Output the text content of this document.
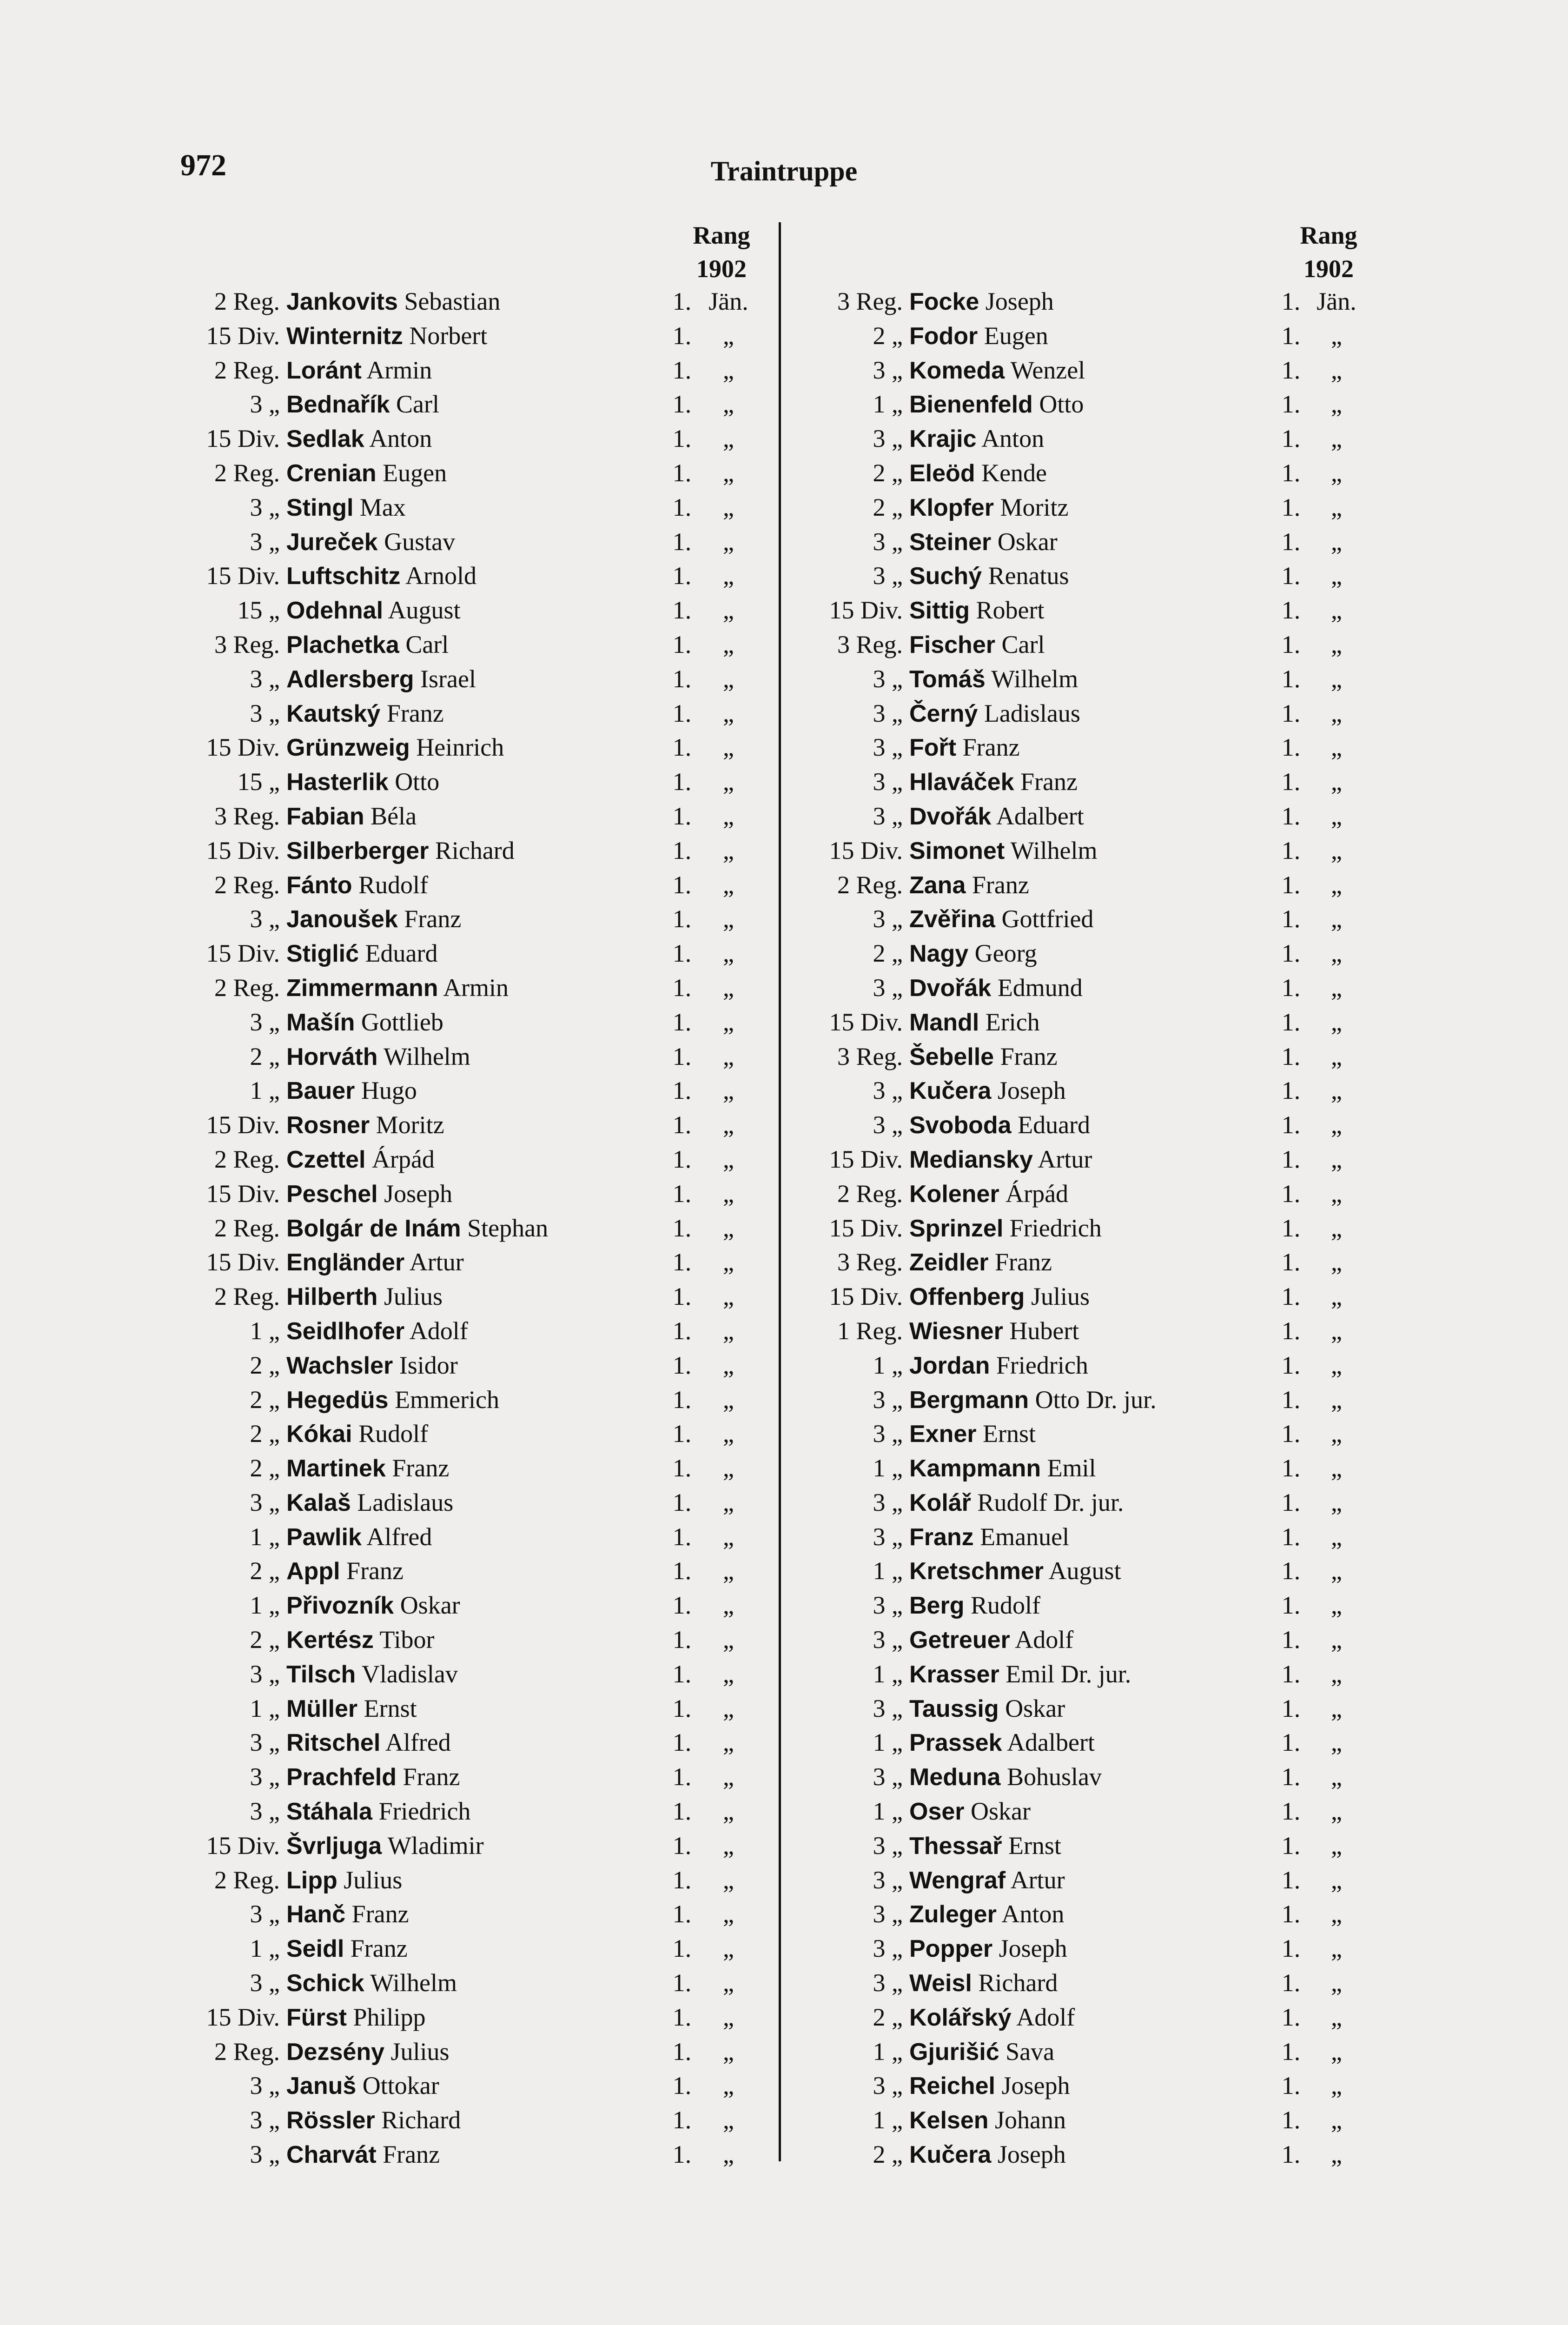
972	Traintruppe
Rang
1902
2 Reg. Jankovits Sebastian	1. Jän.
15 Div. Winternitz Norbert	1.	„
2 Reg. Loránt Armin	1.	„
3 „ Bednařík Carl	1.	„
15 Div. Sedlak Anton	1.	„
2 Reg. Crenian Eugen	1.	„
3 „ Stingl Max	1.	„
3 „ Jureček Gustav	1.	„
15 Div. Luftschitz Arnold	1.	„
15 „ Odehnal August	1.	„
3 Reg. Plachetka Carl	1.	„
3 „ Adlersberg Israel	1.	„
3 „ Kautský Franz	1.	„
15 Div. Grünzweig Heinrich	1.	„
15 „ Hasterlik Otto	1.	„
3 Reg. Fabian Béla	1.	„
15 Div. Silberberger Richard	1.	„
2 Reg. Fánto Rudolf	1.	„
3 „ Janoušek Franz	1.	„
15 Div. Stiglić Eduard	1.	„
2 Reg. Zimmermann Armin	1.	„
3 „ Mašín Gottlieb	1.	„
2 „ Horváth Wilhelm	1.	„
1 „ Bauer Hugo	1.	„
15 Div. Rosner Moritz	1.	„
2 Reg. Czettel Árpád	1.	„
15 Div. Peschel Joseph	1.	„
2 Reg. Bolgár de Inám Stephan	1.	„
15 Div. Engländer Artur	1.	„
2 Reg. Hilberth Julius	1.	„
1 „ Seidlhofer Adolf	1.	„
2 „ Wachsler Isidor	1.	„
2 „ Hegedüs Emmerich	1.	„
2 „ Kókai Rudolf	1.	„
2 „ Martinek Franz	1.	„
3 „ Kalaš Ladislaus	1.	„
1 „ Pawlik Alfred	1.	„
2 „ Appl Franz	1.	„
1 „ Přivozník Oskar	1.	„
2 „ Kertész Tibor	1.	„
3 „ Tilsch Vladislav	1.	„
1 „ Müller Ernst	1.	„
3 „ Ritschel Alfred	1.	„
3 „ Prachfeld Franz	1.	„
3 „ Stáhala Friedrich	1.	„
15 Div. Švrljuga Wladimir	1.	„
2 Reg. Lipp Julius	1.	„
3 „ Hanč Franz	1.	„
1 „ Seidl Franz	1.	„
3 „ Schick Wilhelm	1.	„
15 Div. Fürst Philipp	1.	„
2 Reg. Dezsény Julius	1.	„
3 „ Januš Ottokar	1.	„
3 „ Rössler Richard	1.	„
3 „ Charvát Franz	1.	„
Rang
1902
3 Reg. Focke Joseph	1. Jän.
2 „ Fodor Eugen	1.	„
3 „ Komeda Wenzel	1.	„
1 „ Bienenfeld Otto	1.	„
3 „ Krajic Anton	1.	„
2 „ Eleöd Kende	1.	„
2 „ Klopfer Moritz	1.	„
3 „ Steiner Oskar	1.	„
3 „ Suchý Renatus	1.	„
15 Div. Sittig Robert	1.	„
3 Reg. Fischer Carl	1.	„
3 „ Tomáš Wilhelm	1.	„
3 „ Černý Ladislaus	1.	„
3 „ Fořt Franz	1.	„
3 „ Hlaváček Franz	1.	„
3 „ Dvořák Adalbert	1.	„
15 Div. Simonet Wilhelm	1.	„
2 Reg. Zana Franz	1.	„
3 „ Zvěřina Gottfried	1.	„
2 „ Nagy Georg	1.	„
3 „ Dvořák Edmund	1.	„
15 Div. Mandl Erich	1.	„
3 Reg. Šebelle Franz	1.	„
3 „ Kučera Joseph	1.	„
3 „ Svoboda Eduard	1.	„
15 Div. Mediansky Artur	1.	„
2 Reg. Kolener Árpád	1.	„
15 Div. Sprinzel Friedrich	1.	„
3 Reg. Zeidler Franz	1.	„
15 Div. Offenberg Julius	1.	„
1 Reg. Wiesner Hubert	1.	„
1 „ Jordan Friedrich	1.	„
3 „ Bergmann Otto Dr. jur.	1.	„
3 „ Exner Ernst	1.	„
1 „ Kampmann Emil	1.	„
3 „ Kolář Rudolf Dr. jur.	1.	„
3 „ Franz Emanuel	1.	„
1 „ Kretschmer August	1.	„
3 „ Berg Rudolf	1.	„
3 „ Getreuer Adolf	1.	„
1 „ Krasser Emil Dr. jur.	1.	„
3 „ Taussig Oskar	1.	„
1 „ Prassek Adalbert	1.	„
3 „ Meduna Bohuslav	1.	„
1 „ Oser Oskar	1.	„
3 „ Thessař Ernst	1.	„
3 „ Wengraf Artur	1.	„
3 „ Zuleger Anton	1.	„
3 „ Popper Joseph	1.	„
3 „ Weisl Richard	1.	„
2 „ Kolářský Adolf	1.	„
1 „ Gjurišić Sava	1.	„
3 „ Reichel Joseph	1.	„
1 „ Kelsen Johann	1.	„
2 „ Kučera Joseph	1.	„
